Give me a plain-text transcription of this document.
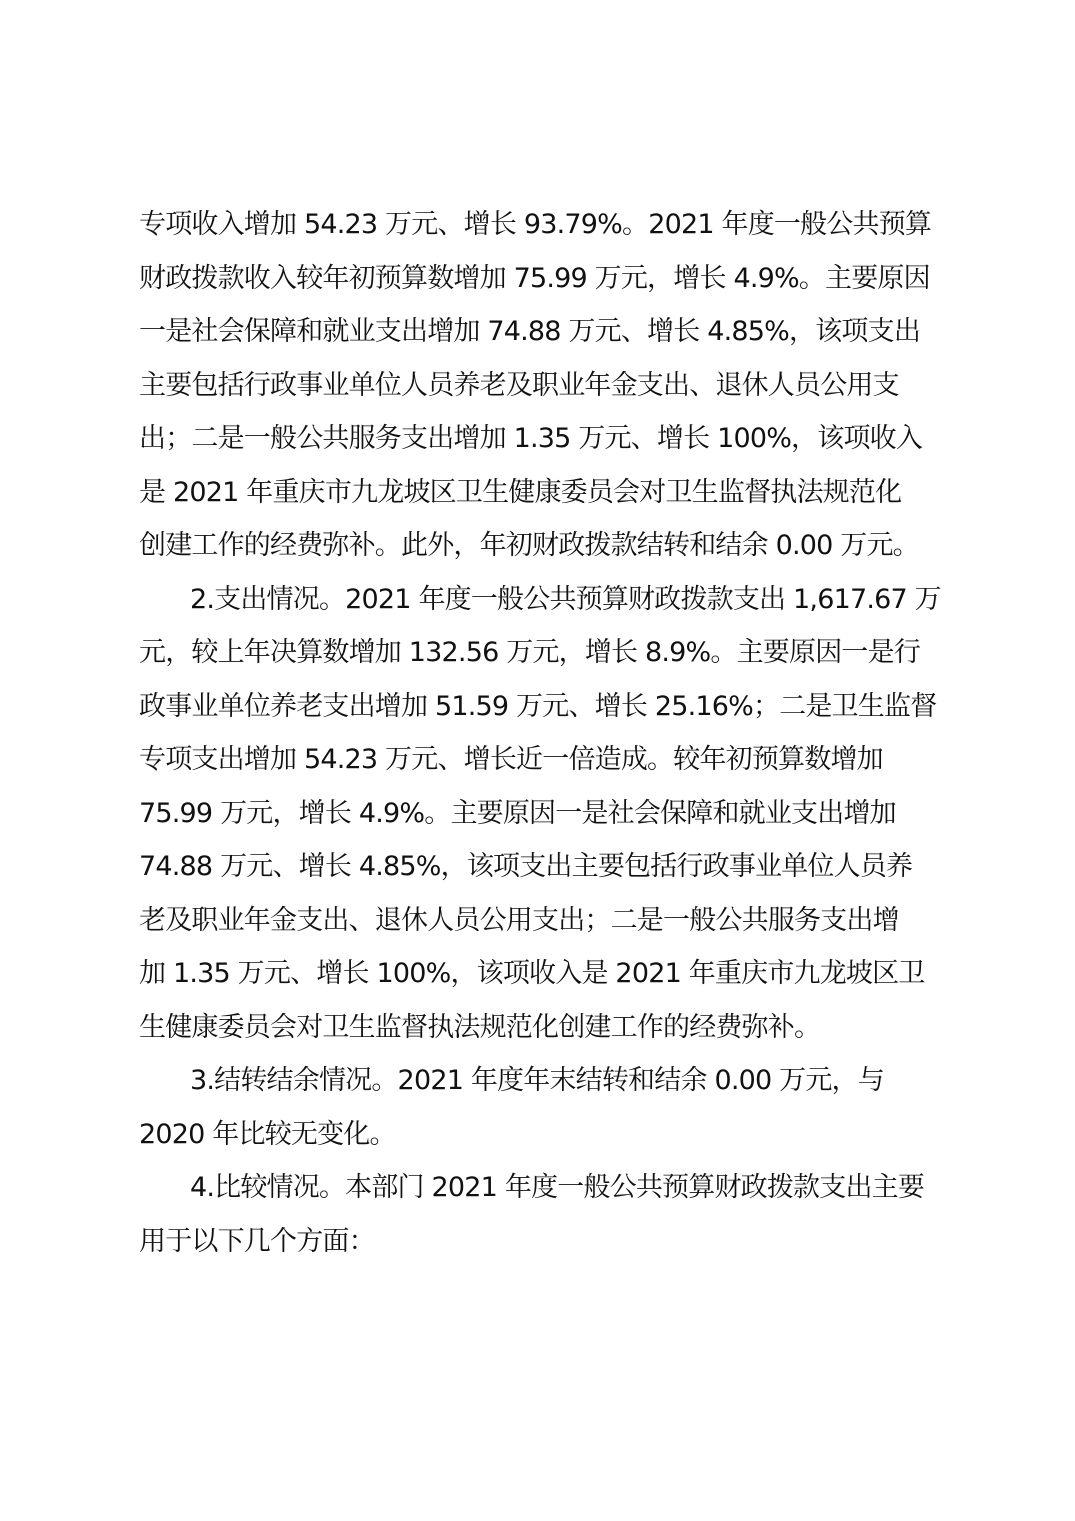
专项收入增加 54.23 万元、增长 93.79%。2021 年度一般公共预算
财政拨款收入较年初预算数增加 75.99 万元，增长 4.9%。主要原因
一是社会保障和就业支出增加 74.88 万元、增长 4.85%，该项支出
主要包括行政事业单位人员养老及职业年金支出、退休人员公用支
出；二是一般公共服务支出增加 1.35 万元、增长 100%，该项收入
是 2021 年重庆市九龙坡区卫生健康委员会对卫生监督执法规范化
创建工作的经费弥补。此外，年初财政拨款结转和结余 0.00 万元。
2.支出情况。2021 年度一般公共预算财政拨款支出 1,617.67 万
元，较上年决算数增加 132.56 万元，增长 8.9%。主要原因一是行
政事业单位养老支出增加 51.59 万元、增长 25.16%；二是卫生监督
专项支出增加 54.23 万元、增长近一倍造成。较年初预算数增加
75.99 万元，增长 4.9%。主要原因一是社会保障和就业支出增加
74.88 万元、增长 4.85%，该项支出主要包括行政事业单位人员养
老及职业年金支出、退休人员公用支出；二是一般公共服务支出增
加 1.35 万元、增长 100%，该项收入是 2021 年重庆市九龙坡区卫
生健康委员会对卫生监督执法规范化创建工作的经费弥补。
3.结转结余情况。2021 年度年末结转和结余 0.00 万元，与
2020 年比较无变化。
4.比较情况。本部门 2021 年度一般公共预算财政拨款支出主要
用于以下几个方面：
